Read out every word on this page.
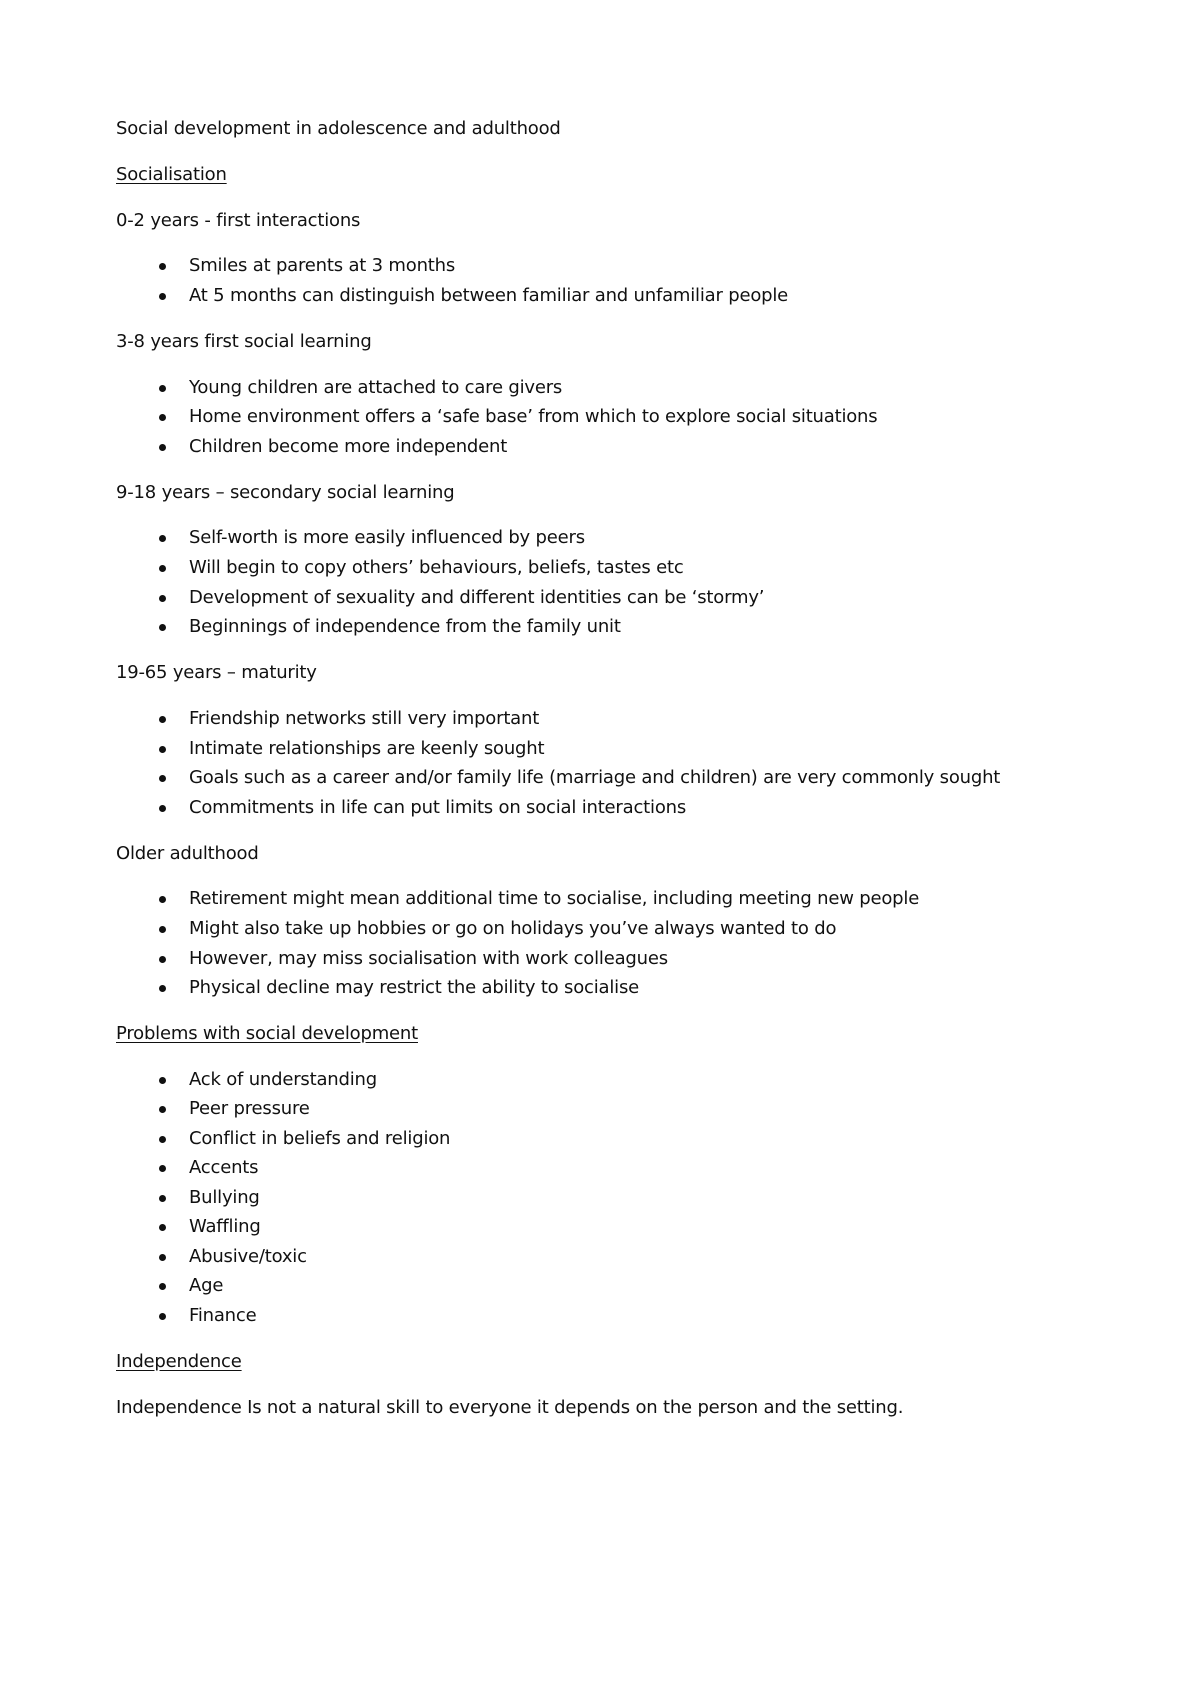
Social development in adolescence and adulthood
Socialisation
0-2 years - first interactions
Smiles at parents at 3 months
At 5 months can distinguish between familiar and unfamiliar people
3-8 years first social learning
Young children are attached to care givers
Home environment offers a ‘safe base’ from which to explore social situations
Children become more independent
9-18 years – secondary social learning
Self-worth is more easily influenced by peers
Will begin to copy others’ behaviours, beliefs, tastes etc
Development of sexuality and different identities can be ‘stormy’
Beginnings of independence from the family unit
19-65 years – maturity
Friendship networks still very important
Intimate relationships are keenly sought
Goals such as a career and/or family life (marriage and children) are very commonly sought
Commitments in life can put limits on social interactions
Older adulthood
Retirement might mean additional time to socialise, including meeting new people
Might also take up hobbies or go on holidays you’ve always wanted to do
However, may miss socialisation with work colleagues
Physical decline may restrict the ability to socialise
Problems with social development
Ack of understanding
Peer pressure
Conflict in beliefs and religion
Accents
Bullying
Waffling
Abusive/toxic
Age
Finance
Independence
Independence Is not a natural skill to everyone it depends on the person and the setting.
